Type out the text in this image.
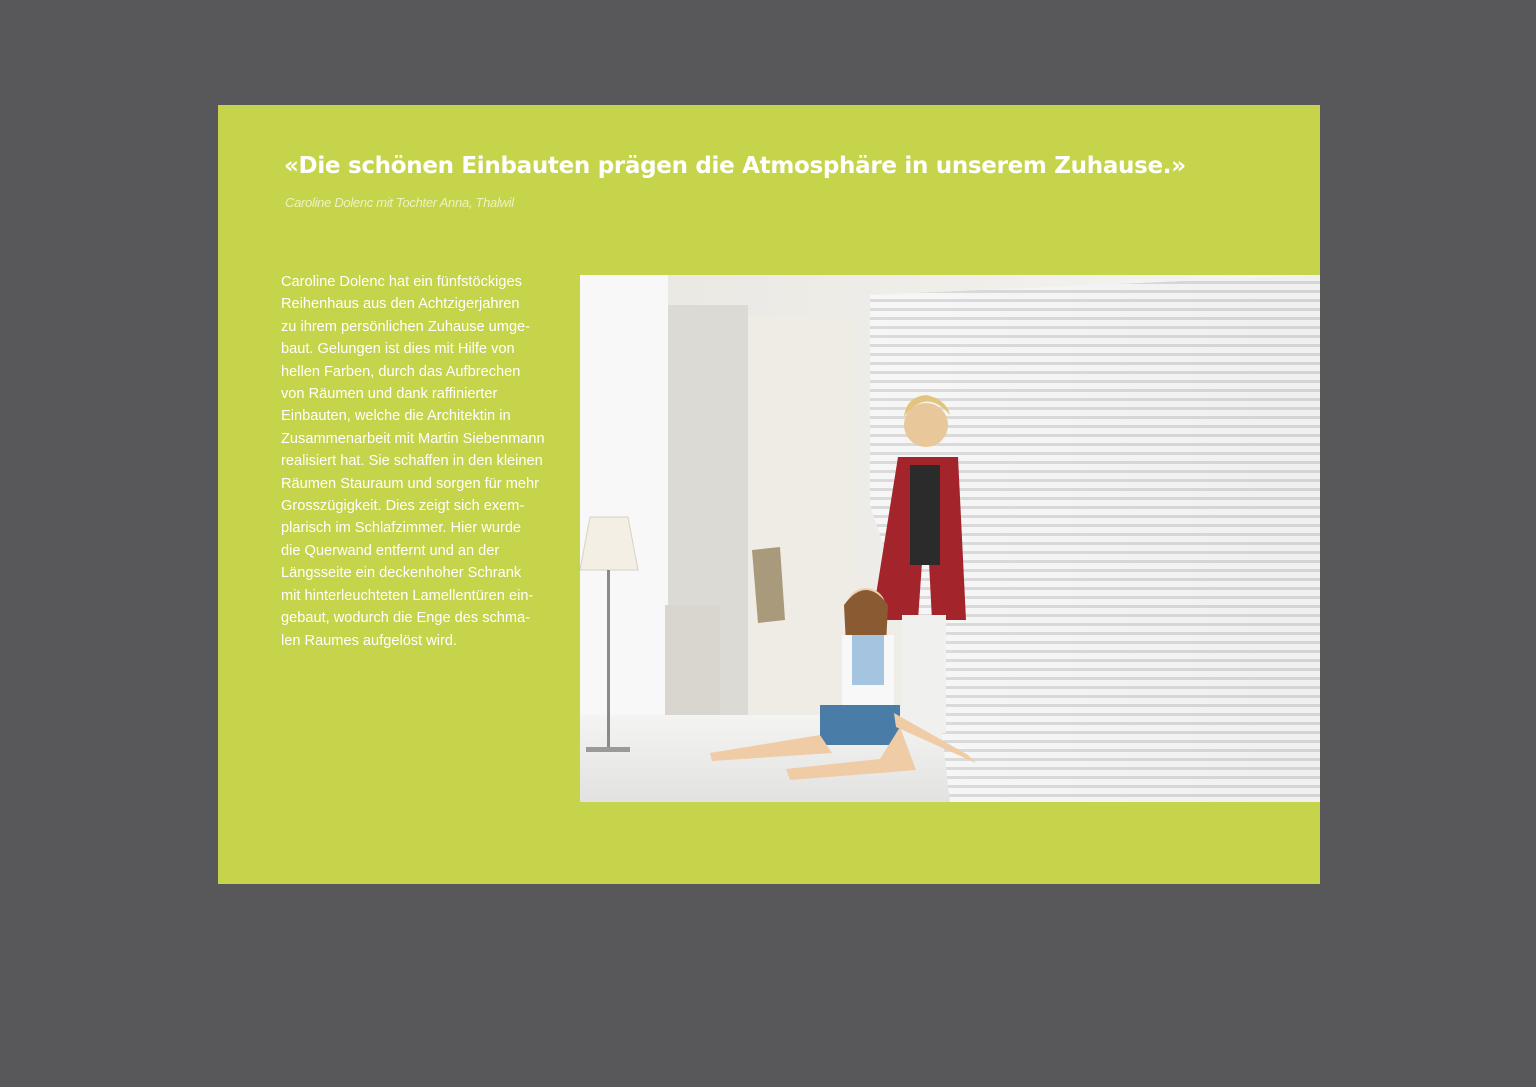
«Die schönen Einbauten prägen die Atmosphäre in unserem Zuhause.»
Caroline Dolenc mit Tochter Anna, Thalwil

Caroline Dolenc hat ein fünfstöckiges
Reihenhaus aus den Achtzigerjahren
zu ihrem persönlichen Zuhause umge-
baut. Gelungen ist dies mit Hilfe von
hellen Farben, durch das Aufbrechen
von Räumen und dank raffinierter
Einbauten, welche die Architektin in
Zusammenarbeit mit Martin Siebenmann
realisiert hat. Sie schaffen in den kleinen
Räumen Stauraum und sorgen für mehr
Grosszügigkeit. Dies zeigt sich exem-
plarisch im Schlafzimmer. Hier wurde
die Querwand entfernt und an der
Längsseite ein deckenhoher Schrank
mit hinterleuchteten Lamellentüren ein-
gebaut, wodurch die Enge des schma-
len Raumes aufgelöst wird.
